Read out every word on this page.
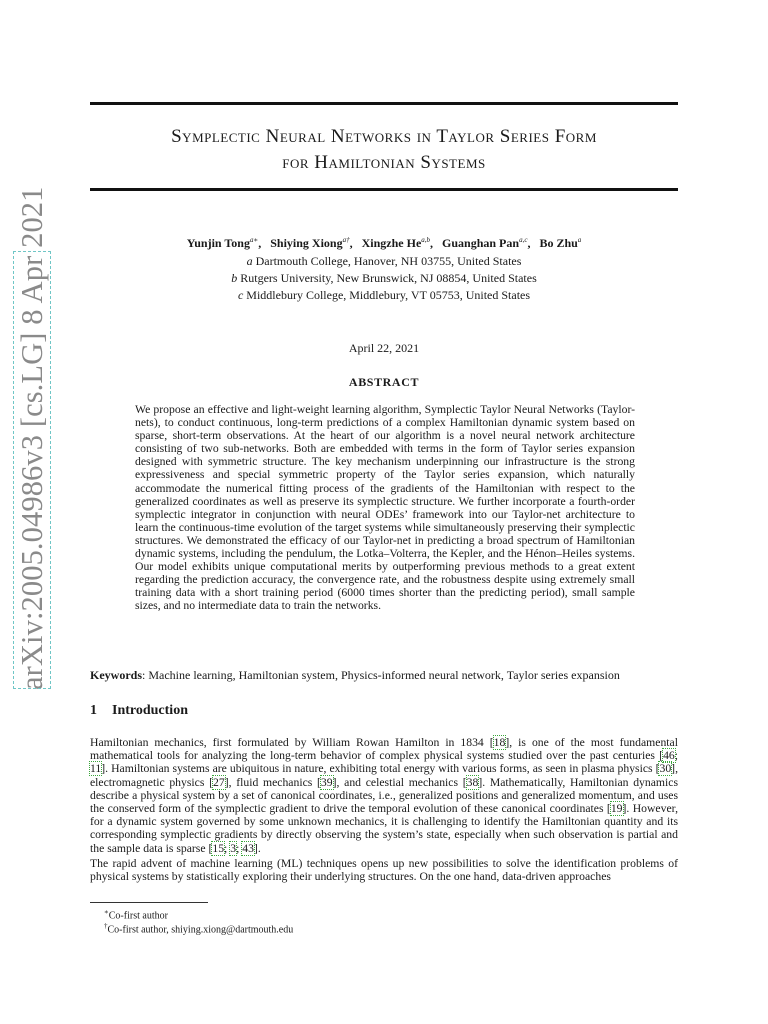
arXiv:2005.04986v3 [cs.LG] 8 Apr 2021
Symplectic Neural Networks in Taylor Series Form
for Hamiltonian Systems
Yunjin Tong$^{a∗}$,   Shiying Xiong$^{a\dagger}$,   Xingzhe He$^{a,b}$,   Guanghan Pan$^{a,c}$,   Bo Zhu$^a$
a Dartmouth College, Hanover, NH 03755, United States
b Rutgers University, New Brunswick, NJ 08854, United States
c Middlebury College, Middlebury, VT 05753, United States
April 22, 2021
ABSTRACT
We propose an effective and light-weight learning algorithm, Symplectic Taylor Neural Networks (Taylor-nets), to conduct continuous, long-term predictions of a complex Hamiltonian dynamic system based on sparse, short-term observations. At the heart of our algorithm is a novel neural network architecture consisting of two sub-networks. Both are embedded with terms in the form of Taylor series expansion designed with symmetric structure. The key mechanism underpinning our infrastructure is the strong expressiveness and special symmetric property of the Taylor series expansion, which naturally accommodate the numerical fitting process of the gradients of the Hamiltonian with respect to the generalized coordinates as well as preserve its symplectic structure. We further incorporate a fourth-order symplectic integrator in conjunction with neural ODEs’ framework into our Taylor-net architecture to learn the continuous-time evolution of the target systems while simultaneously preserving their symplectic structures. We demonstrated the efficacy of our Taylor-net in predicting a broad spectrum of Hamiltonian dynamic systems, including the pendulum, the Lotka–Volterra, the Kepler, and the Hénon–Heiles systems. Our model exhibits unique computational merits by outperforming previous methods to a great extent regarding the prediction accuracy, the convergence rate, and the robustness despite using extremely small training data with a short training period (6000 times shorter than the predicting period), small sample sizes, and no intermediate data to train the networks.
Keywords: Machine learning, Hamiltonian system, Physics-informed neural network, Taylor series expansion
1 Introduction
Hamiltonian mechanics, first formulated by William Rowan Hamilton in 1834 [18], is one of the most fundamental mathematical tools for analyzing the long-term behavior of complex physical systems studied over the past centuries [46; 11]. Hamiltonian systems are ubiquitous in nature, exhibiting total energy with various forms, as seen in plasma physics [30], electromagnetic physics [27], fluid mechanics [39], and celestial mechanics [38]. Mathematically, Hamiltonian dynamics describe a physical system by a set of canonical coordinates, i.e., generalized positions and generalized momentum, and uses the conserved form of the symplectic gradient to drive the temporal evolution of these canonical coordinates [19]. However, for a dynamic system governed by some unknown mechanics, it is challenging to identify the Hamiltonian quantity and its corresponding symplectic gradients by directly observing the system’s state, especially when such observation is partial and the sample data is sparse [15; 3; 43].
The rapid advent of machine learning (ML) techniques opens up new possibilities to solve the identification problems of physical systems by statistically exploring their underlying structures. On the one hand, data-driven approaches
∗Co-first author
†Co-first author, shiying.xiong@dartmouth.edu
